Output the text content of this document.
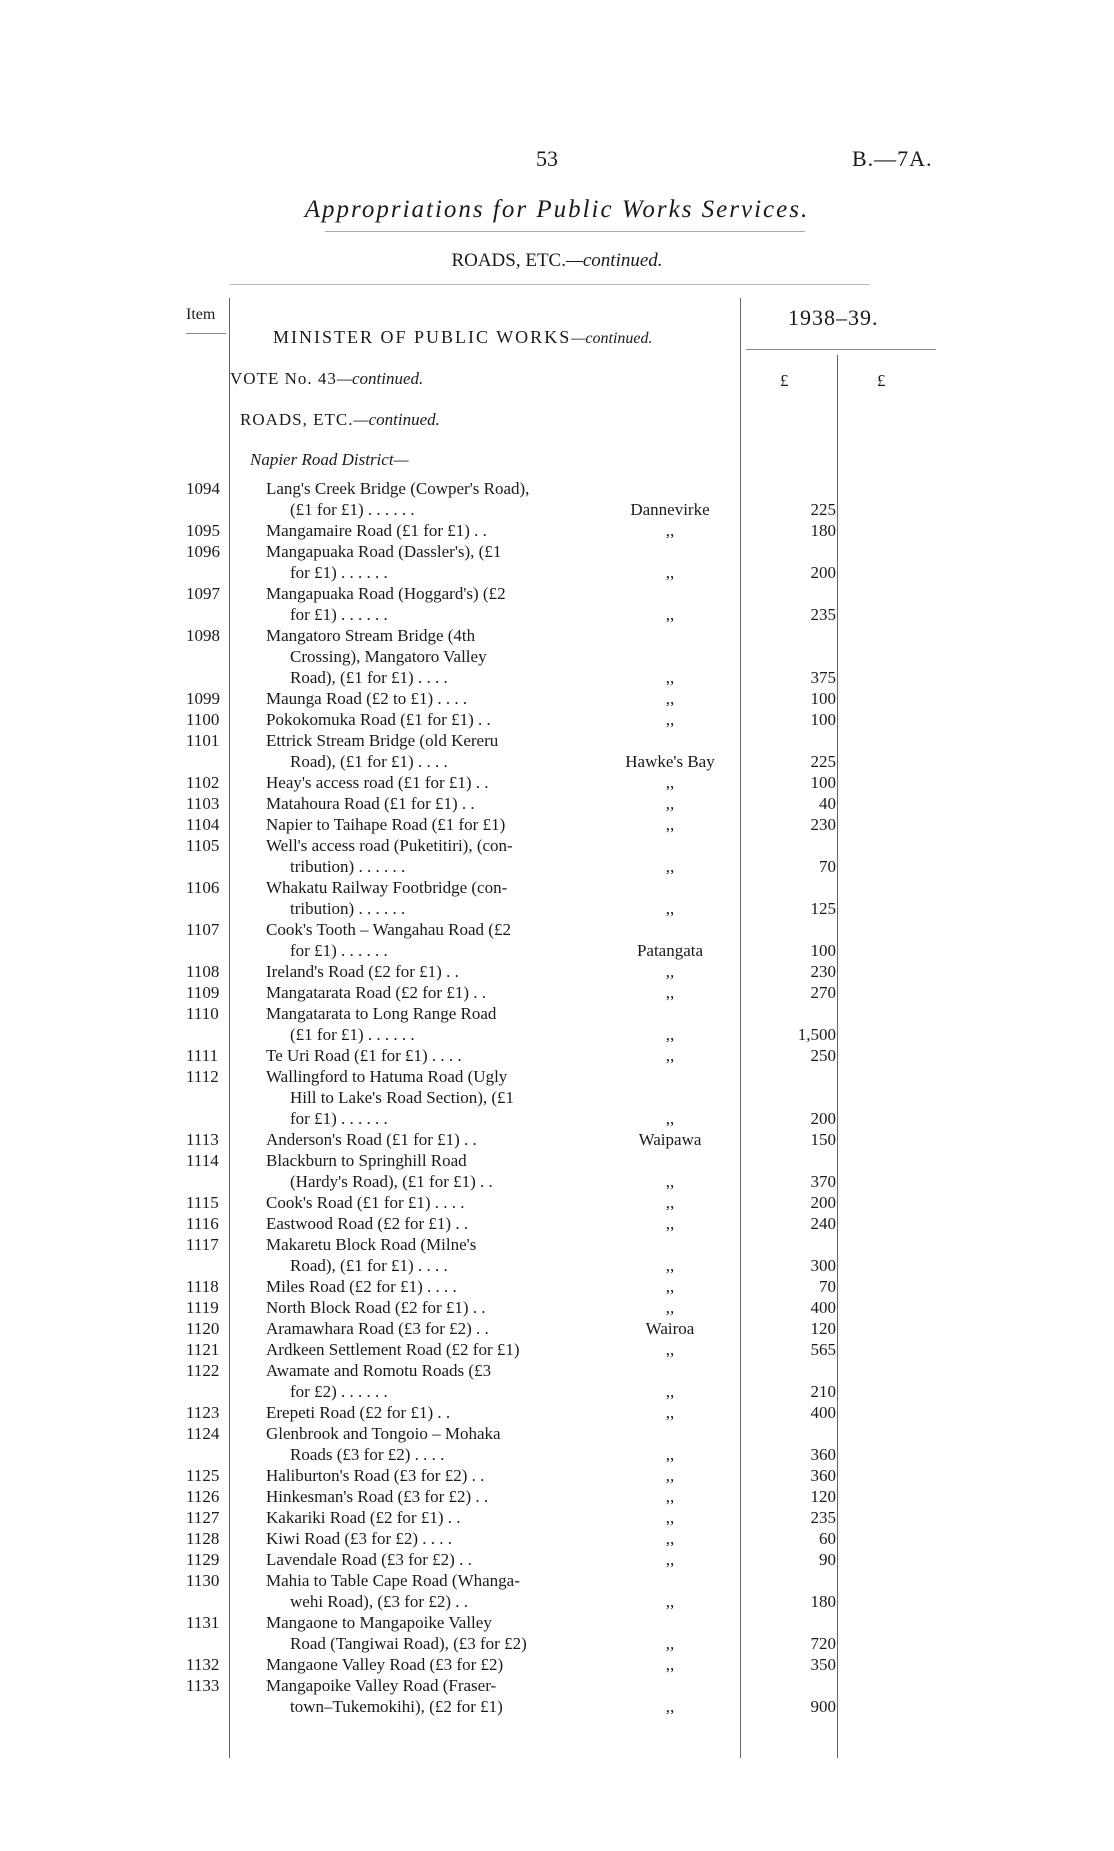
53	B.—7A.
Appropriations for Public Works Services.
ROADS, ETC.—continued.
Item	1938–39.
MINISTER OF PUBLIC WORKS—continued.
VOTE No. 43—continued.	£	£
ROADS, ETC.—continued.
Napier Road District—
1094	Lang's Creek Bridge (Cowper's Road),
(£1 for £1) . . . . . .	Dannevirke	225
1095	Mangamaire Road (£1 for £1) . .	,,	180
1096	Mangapuaka Road (Dassler's), (£1
for £1) . . . . . .	,,	200
1097	Mangapuaka Road (Hoggard's) (£2
for £1) . . . . . .	,,	235
1098	Mangatoro Stream Bridge (4th
Crossing), Mangatoro Valley
Road), (£1 for £1) . . . .	,,	375
1099	Maunga Road (£2 to £1) . . . .	,,	100
1100	Pokokomuka Road (£1 for £1) . .	,,	100
1101	Ettrick Stream Bridge (old Kereru
Road), (£1 for £1) . . . .	Hawke's Bay	225
1102	Heay's access road (£1 for £1) . .	,,	100
1103	Matahoura Road (£1 for £1) . .	,,	40
1104	Napier to Taihape Road (£1 for £1)	,,	230
1105	Well's access road (Puketitiri), (con-
tribution) . . . . . .	,,	70
1106	Whakatu Railway Footbridge (con-
tribution) . . . . . .	,,	125
1107	Cook's Tooth – Wangahau Road (£2
for £1) . . . . . .	Patangata	100
1108	Ireland's Road (£2 for £1) . .	,,	230
1109	Mangatarata Road (£2 for £1) . .	,,	270
1110	Mangatarata to Long Range Road
(£1 for £1) . . . . . .	,,	1,500
1111	Te Uri Road (£1 for £1) . . . .	,,	250
1112	Wallingford to Hatuma Road (Ugly
Hill to Lake's Road Section), (£1
for £1) . . . . . .	,,	200
1113	Anderson's Road (£1 for £1) . .	Waipawa	150
1114	Blackburn to Springhill Road
(Hardy's Road), (£1 for £1) . .	,,	370
1115	Cook's Road (£1 for £1) . . . .	,,	200
1116	Eastwood Road (£2 for £1) . .	,,	240
1117	Makaretu Block Road (Milne's
Road), (£1 for £1) . . . .	,,	300
1118	Miles Road (£2 for £1) . . . .	,,	70
1119	North Block Road (£2 for £1) . .	,,	400
1120	Aramawhara Road (£3 for £2) . .	Wairoa	120
1121	Ardkeen Settlement Road (£2 for £1)	,,	565
1122	Awamate and Romotu Roads (£3
for £2) . . . . . .	,,	210
1123	Erepeti Road (£2 for £1) . .	,,	400
1124	Glenbrook and Tongoio – Mohaka
Roads (£3 for £2) . . . .	,,	360
1125	Haliburton's Road (£3 for £2) . .	,,	360
1126	Hinkesman's Road (£3 for £2) . .	,,	120
1127	Kakariki Road (£2 for £1) . .	,,	235
1128	Kiwi Road (£3 for £2) . . . .	,,	60
1129	Lavendale Road (£3 for £2) . .	,,	90
1130	Mahia to Table Cape Road (Whanga-
wehi Road), (£3 for £2) . .	,,	180
1131	Mangaone to Mangapoike Valley
Road (Tangiwai Road), (£3 for £2)	,,	720
1132	Mangaone Valley Road (£3 for £2)	,,	350
1133	Mangapoike Valley Road (Fraser-
town–Tukemokihi), (£2 for £1)	,,	900
